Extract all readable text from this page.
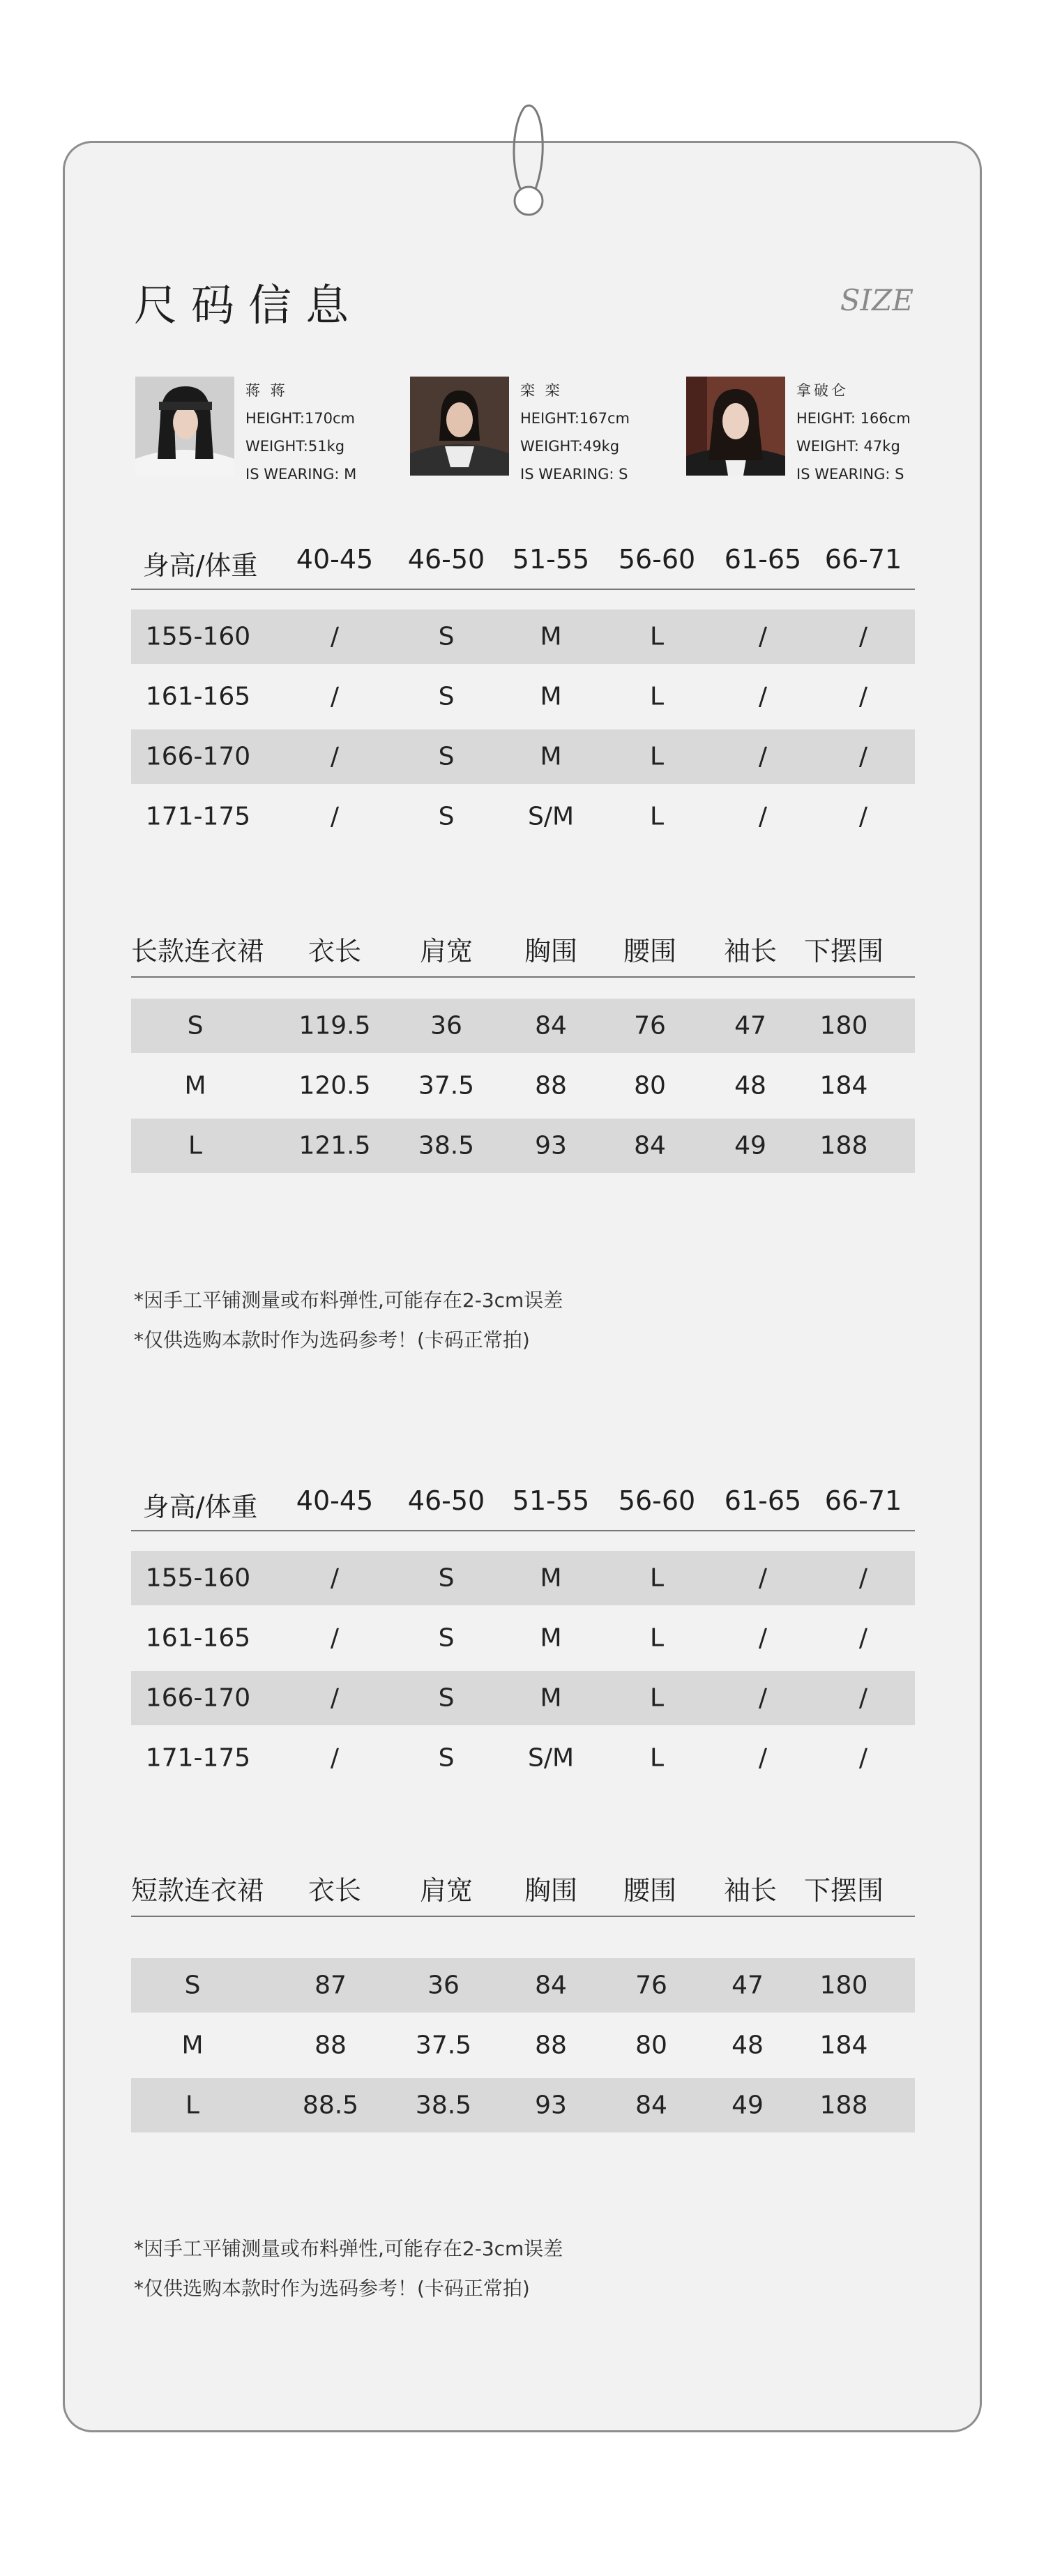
尺码信息	SIZE
蒋 蒋
HEIGHT:170cm
WEIGHT:51kg
IS WEARING: M
栾 栾
HEIGHT:167cm
WEIGHT:49kg
IS WEARING: S
拿破仑
HEIGHT: 166cm
WEIGHT: 47kg
IS WEARING: S
身高/体重 40-45 46-50 51-55 56-60 61-65 66-71
155-160	/	S	M	L	/	/
161-165	/	S	M	L	/	/
166-170	/	S	M	L	/	/
171-175	/	S	S/M	L	/	/
长款连衣裙 衣长 肩宽 胸围 腰围 袖长 下摆围
S	119.5 36	84	76	47 180
M	120.5 37.5 88	80	48 184
L	121.5 38.5 93	84	49 188
*因手工平铺测量或布料弹性,可能存在2-3cm误差
*仅供选购本款时作为选码参考！(卡码正常拍)
身高/体重 40-45 46-50 51-55 56-60 61-65 66-71
155-160	/	S	M	L	/	/
161-165	/	S	M	L	/	/
166-170	/	S	M	L	/	/
171-175	/	S	S/M	L	/	/
短款连衣裙 衣长 肩宽 胸围 腰围 袖长 下摆围
S	87	36	84	76	47 180
M	88	37.5	88	80	48 184
L	88.5 38.5	93	84	49 188
*因手工平铺测量或布料弹性,可能存在2-3cm误差
*仅供选购本款时作为选码参考！(卡码正常拍)
